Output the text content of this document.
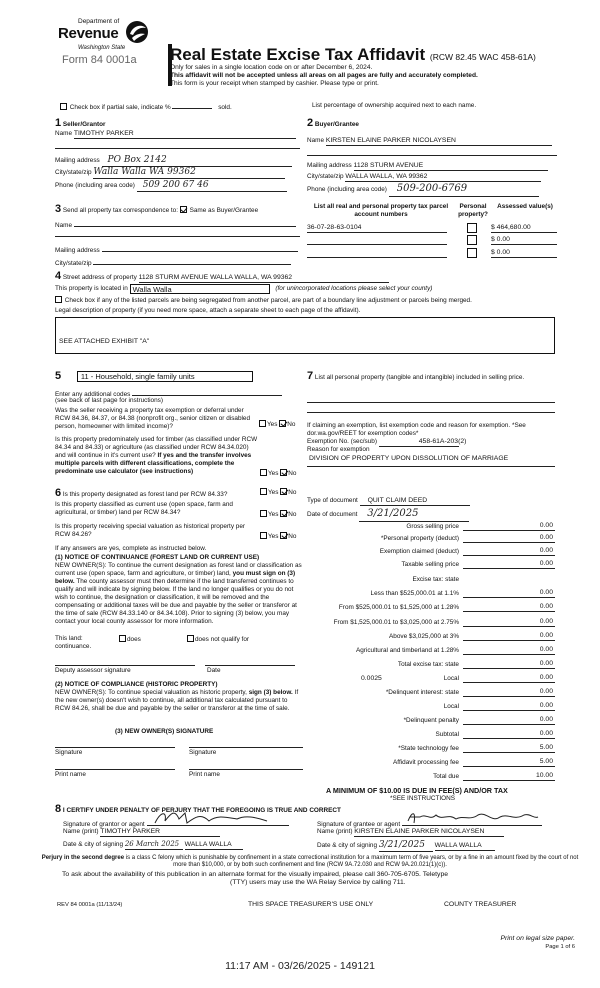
Department of
Revenue
Washington State
Form 84 0001a Real Estate Excise Tax Affidavit (RCW 82.45 WAC 458-61A)
Only for sales in a single location code on or after December 6, 2024.
This affidavit will not be accepted unless all areas on all pages are fully and accurately completed.
This form is your receipt when stamped by cashier. Please type or print.
Check box if partial sale, indicate %	sold.	List percentage of ownership acquired next to each name.
1 Seller/Grantor
Name TIMOTHY PARKER
Mailing address PO Box 2142
City/state/zip Walla Walla WA 99362
Phone (including area code) 509 200 67 46
2 Buyer/Grantee
Name KIRSTEN ELAINE PARKER NICOLAYSEN
Mailing address 1128 STURM AVENUE
City/state/zip WALLA WALLA, WA 99362
Phone (including area code) 509-200-6769
3 Send all property tax correspondence to: Same as Buyer/Grantee
Name
Mailing address
City/state/zip
List all real and personal property tax parcel account numbers
Personal property?
Assessed value(s)
36-07-28-63-0104	$ 464,680.00
$ 0.00
$ 0.00
4 Street address of property 1128 STURM AVENUE WALLA WALLA, WA 99362
This property is located in Walla Walla	(for unincorporated locations please select your county)
Check box if any of the listed parcels are being segregated from another parcel, are part of a boundary line adjustment or parcels being merged.
Legal description of property (if you need more space, attach a separate sheet to each page of the affidavit).
SEE ATTACHED EXHIBIT "A"
5	11 - Household, single family units
Enter any additional codes
(see back of last page for instructions)
Was the seller receiving a property tax exemption or deferral under RCW 84.36, 84.37, or 84.38 (nonprofit org., senior citizen or disabled person, homeowner with limited income)?	Yes No
Is this property predominately used for timber (as classified under RCW 84.34 and 84.33) or agriculture (as classified under RCW 84.34.020) and will continue in it's current use? If yes and the transfer involves multiple parcels with different classifications, complete the predominate use calculator (see instructions)	Yes No
6 Is this property designated as forest land per RCW 84.33?	Yes No
Is this property classified as current use (open space, farm and agricultural, or timber) land per RCW 84.34?	Yes No
Is this property receiving special valuation as historical property per RCW 84.26?	Yes No
If any answers are yes, complete as instructed below.
(1) NOTICE OF CONTINUANCE (FOREST LAND OR CURRENT USE)
NEW OWNER(S): To continue the current designation as forest land or classification as current use (open space, farm and agriculture, or timber) land, you must sign on (3) below. The county assessor must then determine if the land transferred continues to qualify and will indicate by signing below. If the land no longer qualifies or you do not wish to continue, the designation or classification, it will be removed and the compensating or additional taxes will be due and payable by the seller or transferor at the time of sale (RCW 84.33.140 or 84.34.108). Prior to signing (3) below, you may contact your local county assessor for more information.
This land:	does	does not qualify for
continuance.
Deputy assessor signature	Date
(2) NOTICE OF COMPLIANCE (HISTORIC PROPERTY)
NEW OWNER(S): To continue special valuation as historic property, sign (3) below. If the new owner(s) doesn't wish to continue, all additional tax calculated pursuant to RCW 84.26, shall be due and payable by the seller or transferor at the time of sale.
(3) NEW OWNER(S) SIGNATURE
Signature	Signature
Print name	Print name
7 List all personal property (tangible and intangible) included in selling price.
If claiming an exemption, list exemption code and reason for exemption. *See dor.wa.gov/REET for exemption codes*
Exemption No. (sec/sub)	458-61A-203(2)
Reason for exemption
DIVISION OF PROPERTY UPON DISSOLUTION OF MARRIAGE
Type of document QUIT CLAIM DEED
Date of document 3/21/2025
Gross selling price	0.00
*Personal property (deduct)	0.00
Exemption claimed (deduct)	0.00
Taxable selling price	0.00
Excise tax: state
Less than $525,000.01 at 1.1%	0.00
From $525,000.01 to $1,525,000 at 1.28%	0.00
From $1,525,000.01 to $3,025,000 at 2.75%	0.00
Above $3,025,000 at 3%	0.00
Agricultural and timberland at 1.28%	0.00
Total excise tax: state	0.00
0.0025	Local	0.00
*Delinquent interest: state	0.00
Local	0.00
*Delinquent penalty	0.00
Subtotal	0.00
*State technology fee	5.00
Affidavit processing fee	5.00
Total due	10.00
A MINIMUM OF $10.00 IS DUE IN FEE(S) AND/OR TAX
*SEE INSTRUCTIONS
8 I CERTIFY UNDER PENALTY OF PERJURY THAT THE FOREGOING IS TRUE AND CORRECT
Signature of grantor or agent
Name (print) TIMOTHY PARKER
Date & city of signing 26 March 2025 WALLA WALLA
Signature of grantee or agent
Name (print) KIRSTEN ELAINE PARKER NICOLAYSEN
Date & city of signing 3/21/2025 WALLA WALLA
Perjury in the second degree is a class C felony which is punishable by confinement in a state correctional institution for a maximum term of five years, or by a fine in an amount fixed by the court of not more than $10,000, or by both such confinement and fine (RCW 9A.72.030 and RCW 9A.20.021(1)(c)).
To ask about the availability of this publication in an alternate format for the visually impaired, please call 360-705-6705. Teletype
(TTY) users may use the WA Relay Service by calling 711.
REV 84 0001a (11/13/24)	THIS SPACE TREASURER'S USE ONLY	COUNTY TREASURER
Print on legal size paper.
Page 1 of 6
11:17 AM - 03/26/2025 - 149121
